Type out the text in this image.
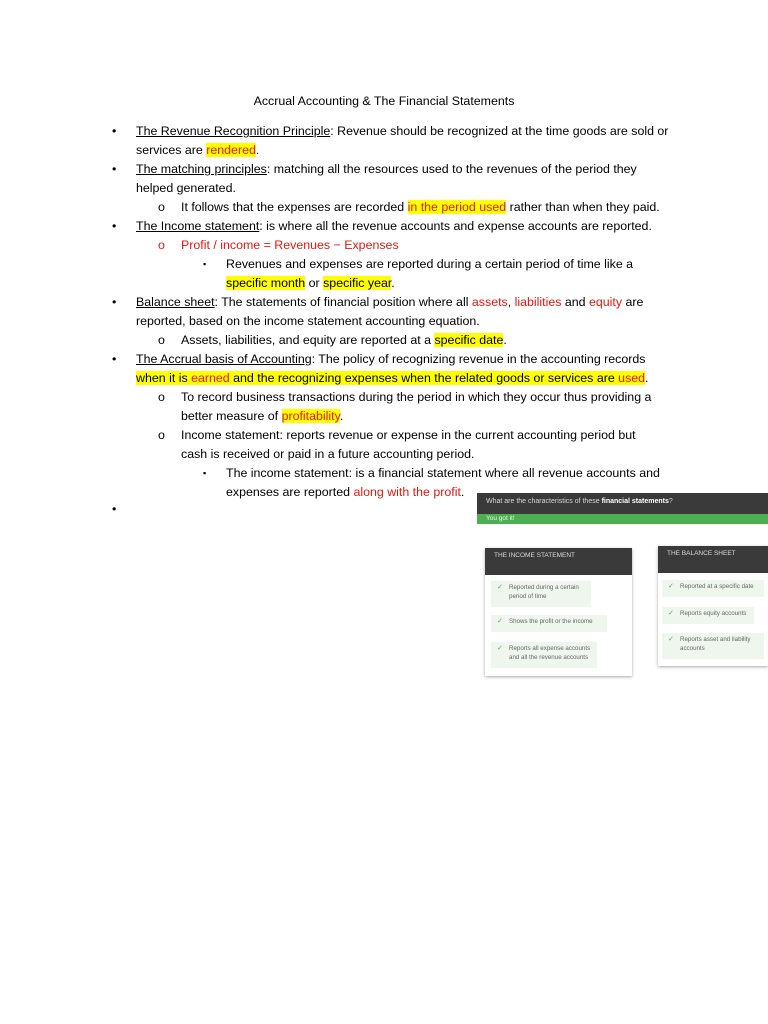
Accrual Accounting & The Financial Statements
• The Revenue Recognition Principle: Revenue should be recognized at the time goods are sold or
services are rendered.
• The matching principles: matching all the resources used to the revenues of the period they
helped generated.
o It follows that the expenses are recorded in the period used rather than when they paid.
• The Income statement: is where all the revenue accounts and expense accounts are reported.
o Profit / income = Revenues − Expenses
▪ Revenues and expenses are reported during a certain period of time like a
specific month or specific year.
• Balance sheet: The statements of financial position where all assets, liabilities and equity are
reported, based on the income statement accounting equation.
o Assets, liabilities, and equity are reported at a specific date.
• The Accrual basis of Accounting: The policy of recognizing revenue in the accounting records
when it is earned and the recognizing expenses when the related goods or services are used.
o To record business transactions during the period in which they occur thus providing a
better measure of profitability.
o Income statement: reports revenue or expense in the current accounting period but
cash is received or paid in a future accounting period.
▪ The income statement: is a financial statement where all revenue accounts and
expenses are reported along with the profit.
•
What are the characteristics of these financial statements?
You got it!
THE INCOME STATEMENT
✓ Reported during a certain period of time
✓ Shows the profit or the income
✓ Reports all expense accounts and all the revenue accounts
THE BALANCE SHEET
✓ Reported at a specific date
✓ Reports equity accounts
✓ Reports asset and liability accounts
